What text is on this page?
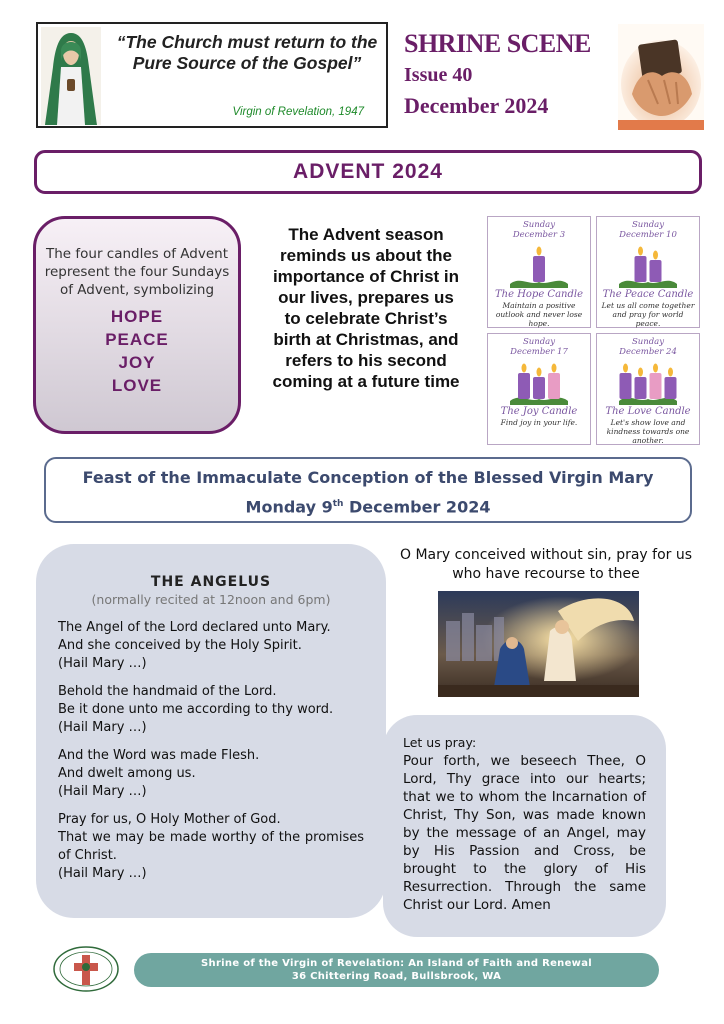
“The Church must return to the Pure Source of the Gospel”
Virgin of Revelation, 1947
SHRINE SCENE
Issue 40
December 2024
ADVENT 2024
The four candles of Advent represent the four Sundays of Advent, symbolizing
HOPE
PEACE
JOY
LOVE
The Advent season reminds us about the importance of Christ in our lives, prepares us to celebrate Christ’s birth at Christmas, and refers to his second coming at a future time
Sunday
December 3
The Hope Candle
Maintain a positive outlook and never lose hope.
Sunday
December 10
The Peace Candle
Let us all come together and pray for world peace.
Sunday
December 17
The Joy Candle
Find joy in your life.
Sunday
December 24
The Love Candle
Let's show love and kindness towards one another.
Feast of the Immaculate Conception of the Blessed Virgin Mary
Monday 9th December 2024
THE ANGELUS
(normally recited at 12noon and 6pm)
The Angel of the Lord declared unto Mary.
And she conceived by the Holy Spirit.
(Hail Mary …)
Behold the handmaid of the Lord.
Be it done unto me according to thy word.
(Hail Mary …)
And the Word was made Flesh.
And dwelt among us.
(Hail Mary …)
Pray for us, O Holy Mother of God.
That we may be made worthy of the promises of Christ.
(Hail Mary …)
O Mary conceived without sin, pray for us who have recourse to thee
Let us pray:
Pour forth, we beseech Thee, O Lord, Thy grace into our hearts; that we to whom the Incarnation of Christ, Thy Son, was made known by the message of an Angel, may by His Passion and Cross, be brought to the glory of His Resurrection. Through the same Christ our Lord. Amen
Shrine of the Virgin of Revelation: An Island of Faith and Renewal
36 Chittering Road, Bullsbrook, WA
